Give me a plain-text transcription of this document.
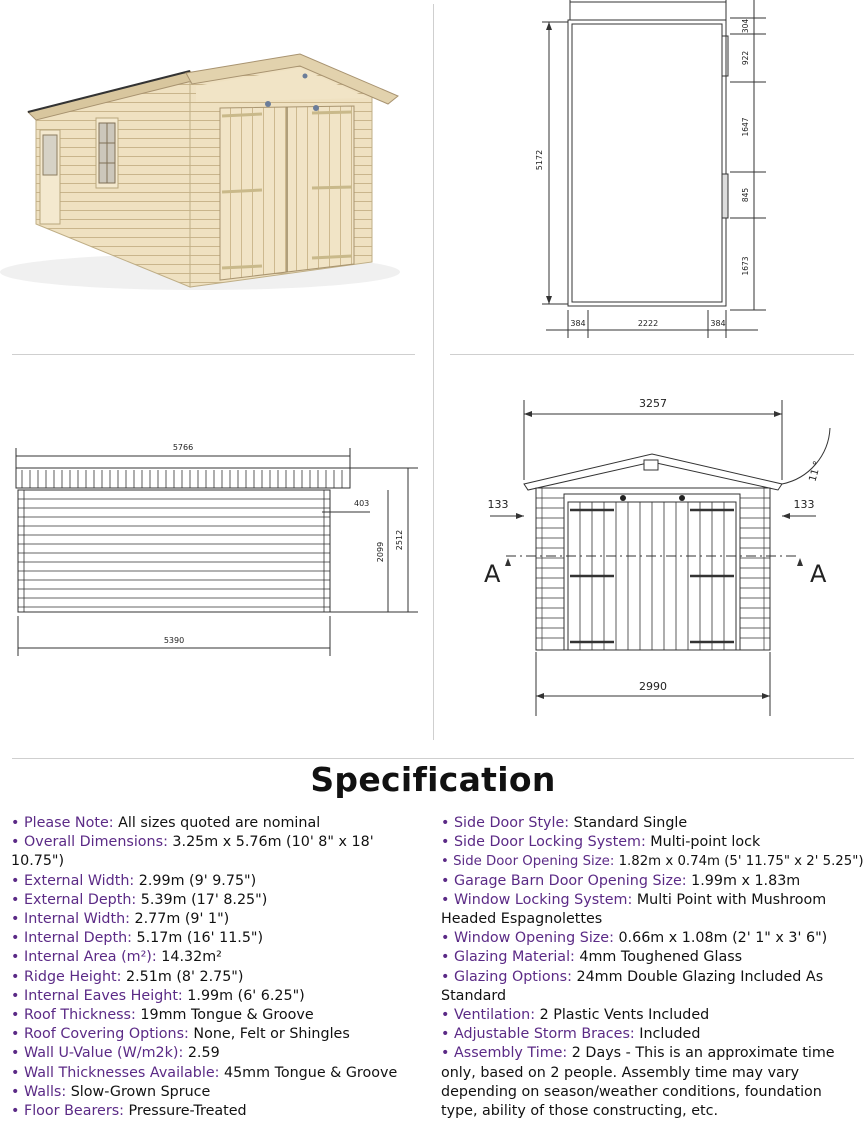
5172
304
922
1647
845
1673
384	2222	384
5766
5390
403
2099
2512
3257
2990
133	133
11 °
A	A
Specification

• Please Note: All sizes quoted are nominal

• Overall Dimensions: 3.25m x 5.76m (10' 8" x 18' 10.75")

• External Width: 2.99m (9' 9.75")

• External Depth: 5.39m (17' 8.25")

• Internal Width: 2.77m (9' 1")

• Internal Depth: 5.17m (16' 11.5")

• Internal Area (m²): 14.32m²

• Ridge Height: 2.51m (8' 2.75")

• Internal Eaves Height: 1.99m (6' 6.25")

• Roof Thickness: 19mm Tongue & Groove

• Roof Covering Options: None, Felt or Shingles

• Wall U-Value (W/m2k): 2.59

• Wall Thicknesses Available: 45mm Tongue & Groove

• Walls: Slow-Grown Spruce

• Floor Bearers: Pressure-Treated

• Side Door Style: Standard Single

• Side Door Locking System: Multi-point lock

• Side Door Opening Size: 1.82m x 0.74m (5' 11.75" x 2' 5.25")

• Garage Barn Door Opening Size: 1.99m x 1.83m

• Window Locking System: Multi Point with Mushroom Headed Espagnolettes

• Window Opening Size: 0.66m x 1.08m (2' 1" x 3' 6")

• Glazing Material: 4mm Toughened Glass

• Glazing Options: 24mm Double Glazing Included As Standard

• Ventilation: 2 Plastic Vents Included

• Adjustable Storm Braces: Included

• Assembly Time: 2 Days - This is an approximate time only, based on 2 people. Assembly time may vary depending on season/weather conditions, foundation type, ability of those constructing, etc.
